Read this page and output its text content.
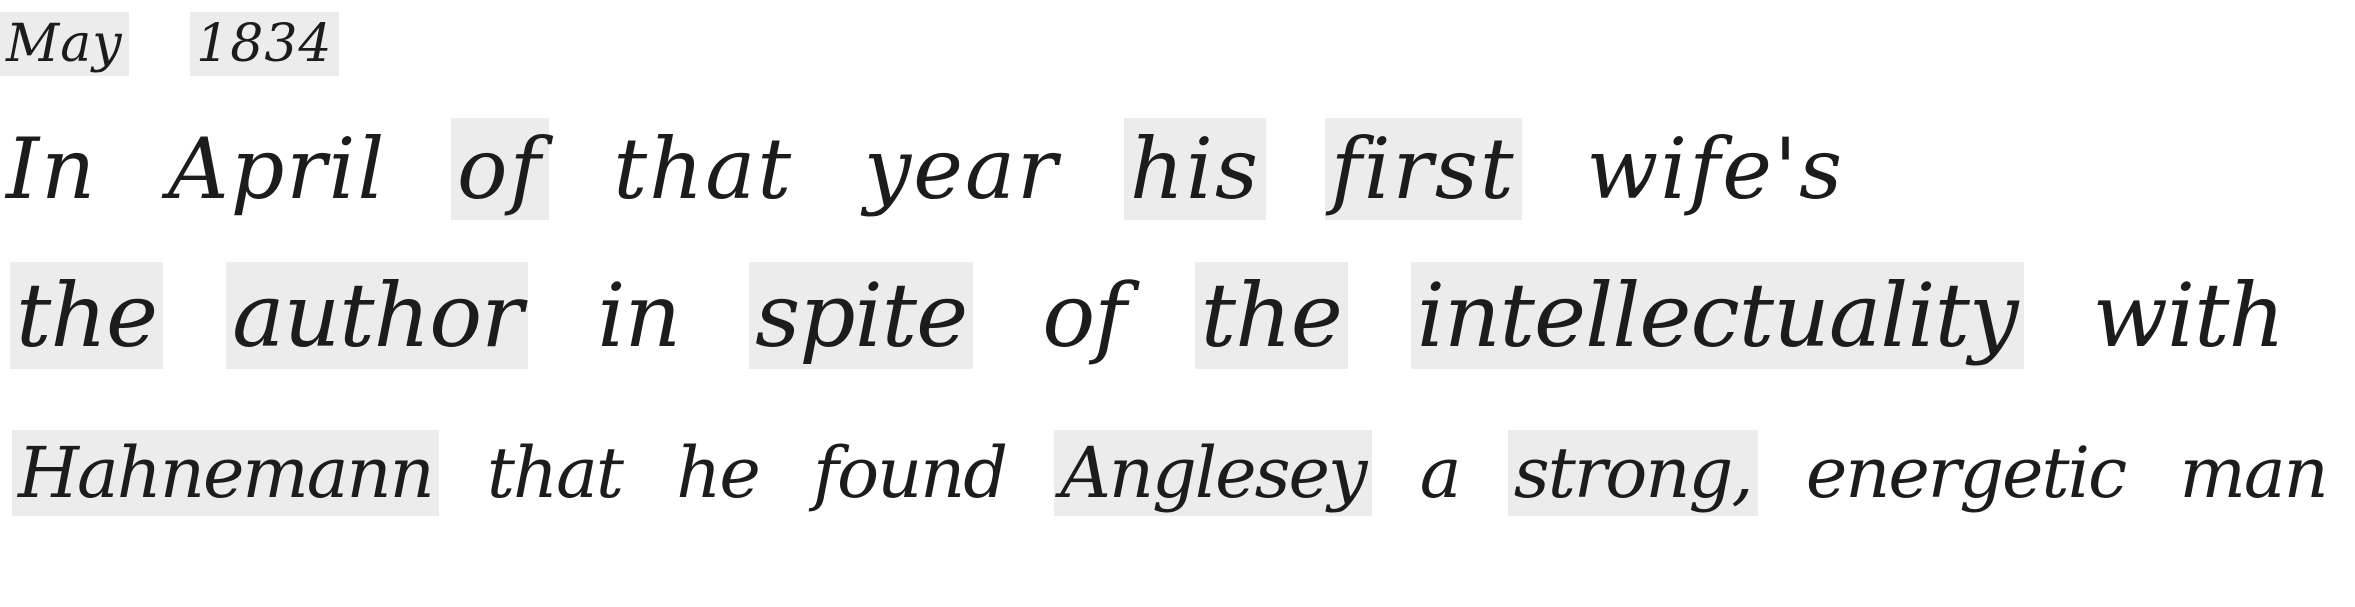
May 1834
In April of that year his first wife's
the author in spite of the intellectuality with
Hahnemann that he found Anglesey a strong, energetic man
